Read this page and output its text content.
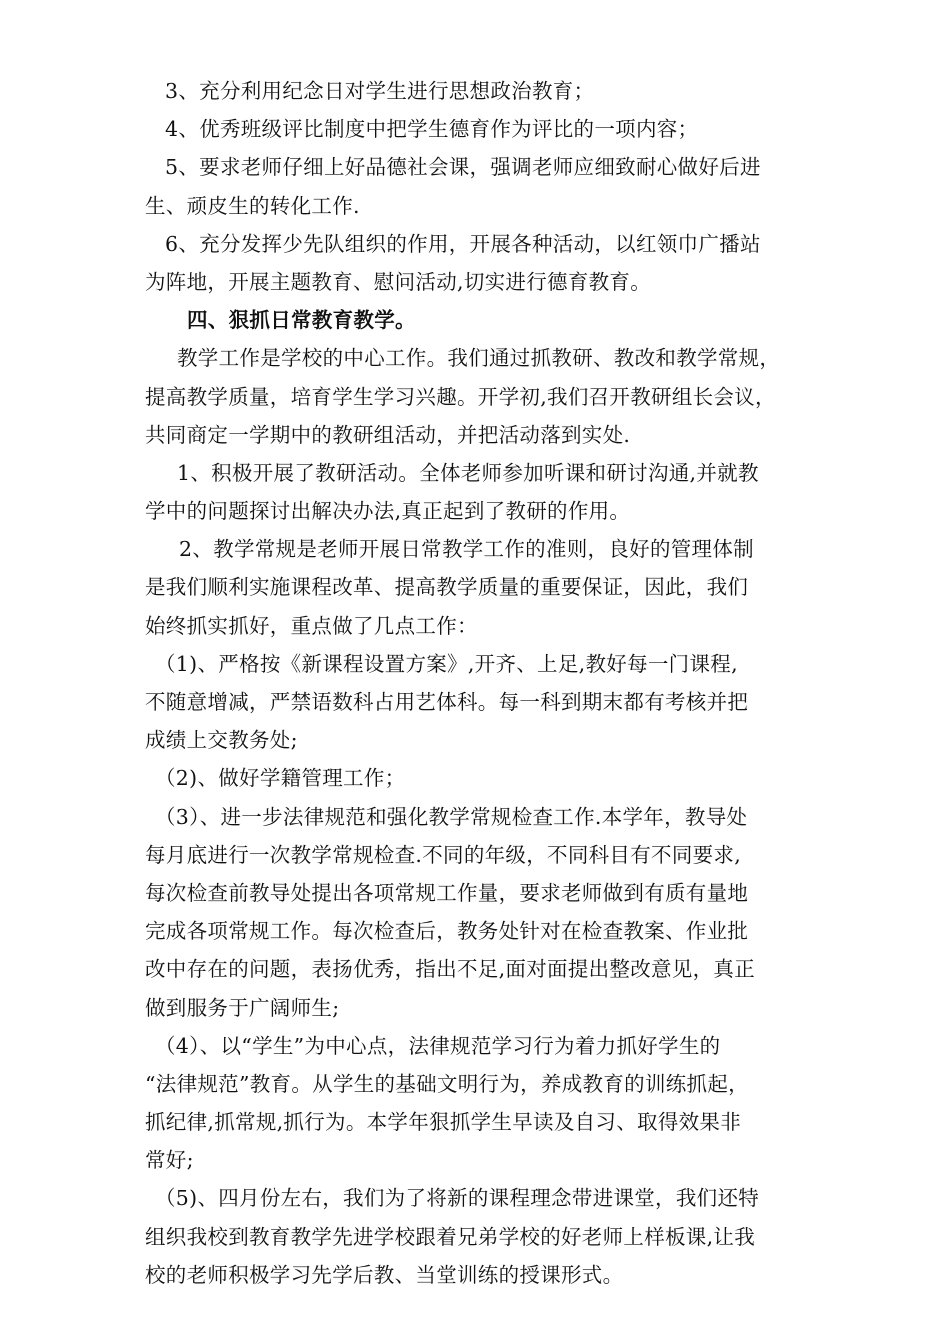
3、充分利用纪念日对学生进行思想政治教育；
4、优秀班级评比制度中把学生德育作为评比的一项内容；
5、要求老师仔细上好品德社会课，强调老师应细致耐心做好后进
生、顽皮生的转化工作.
6、充分发挥少先队组织的作用，开展各种活动，以红领巾广播站
为阵地，开展主题教育、慰问活动,切实进行德育教育。
四、狠抓日常教育教学。
教学工作是学校的中心工作。我们通过抓教研、教改和教学常规，
提高教学质量，培育学生学习兴趣。开学初,我们召开教研组长会议，
共同商定一学期中的教研组活动，并把活动落到实处.
1、积极开展了教研活动。全体老师参加听课和研讨沟通,并就教
学中的问题探讨出解决办法,真正起到了教研的作用。
2、教学常规是老师开展日常教学工作的准则，良好的管理体制
是我们顺利实施课程改革、提高教学质量的重要保证，因此，我们
始终抓实抓好，重点做了几点工作：
（1)、严格按《新课程设置方案》,开齐、上足,教好每一门课程,
不随意增减，严禁语数科占用艺体科。每一科到期末都有考核并把
成绩上交教务处;
（2)、做好学籍管理工作；
（3）、进一步法律规范和强化教学常规检查工作.本学年，教导处
每月底进行一次教学常规检查.不同的年级，不同科目有不同要求,
每次检查前教导处提出各项常规工作量，要求老师做到有质有量地
完成各项常规工作。每次检查后，教务处针对在检查教案、作业批
改中存在的问题，表扬优秀，指出不足,面对面提出整改意见，真正
做到服务于广阔师生;
（4）、以“学生”为中心点，法律规范学习行为着力抓好学生的
“法律规范”教育。从学生的基础文明行为，养成教育的训练抓起，
抓纪律,抓常规,抓行为。本学年狠抓学生早读及自习、取得效果非
常好;
（5)、四月份左右，我们为了将新的课程理念带进课堂，我们还特
组织我校到教育教学先进学校跟着兄弟学校的好老师上样板课,让我
校的老师积极学习先学后教、当堂训练的授课形式。
